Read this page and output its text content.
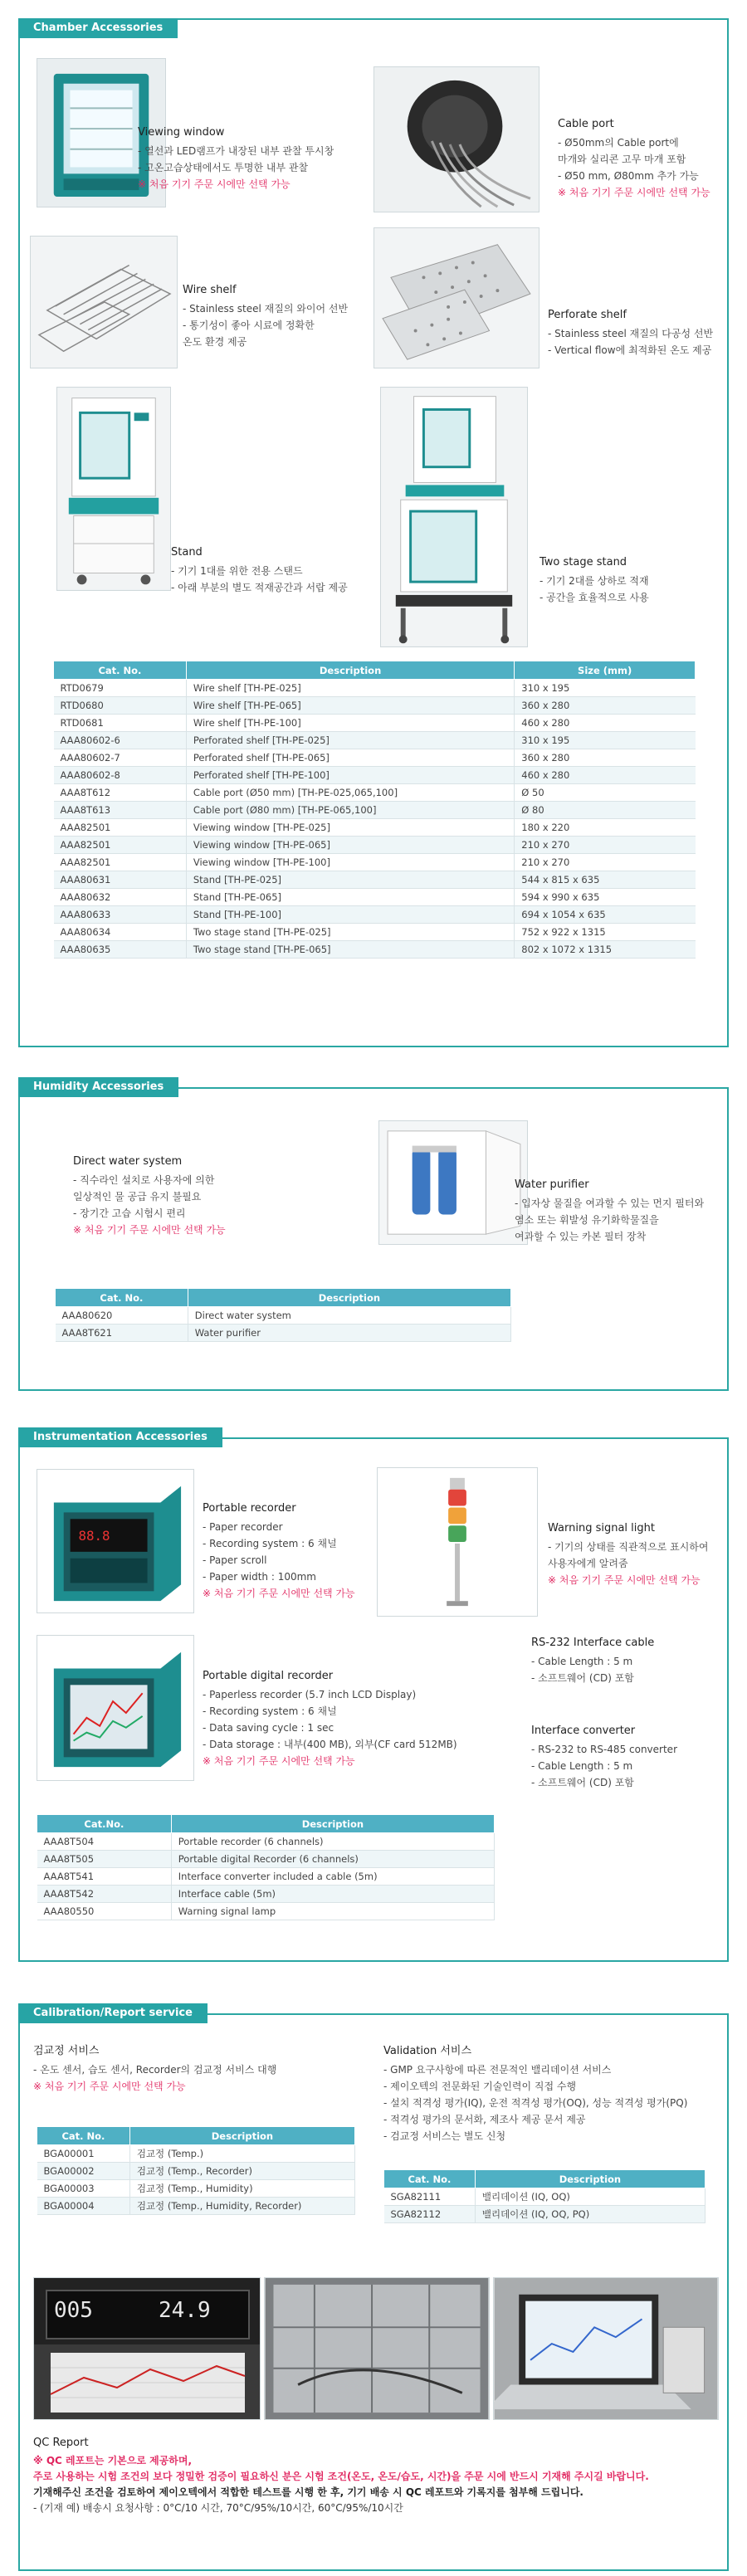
Chamber Accessories
Viewing window
- 열선과 LED램프가 내장된 내부 관찰 투시창
- 고온고습상태에서도 투명한 내부 관찰
※ 처음 기기 주문 시에만 선택 가능
Cable port
- Ø50mm의 Cable port에
마개와 실리콘 고무 마개 포함
- Ø50 mm, Ø80mm 추가 가능
※ 처음 기기 주문 시에만 선택 가능
Wire shelf
- Stainless steel 재질의 와이어 선반
- 통기성이 좋아 시료에 정확한
온도 환경 제공
Perforate shelf
- Stainless steel 재질의 다공성 선반
- Vertical flow에 최적화된 온도 제공
Stand
- 기기 1대를 위한 전용 스탠드
- 아래 부분의 별도 적재공간과 서랍 제공
Two stage stand
- 기기 2대를 상하로 적재
- 공간을 효율적으로 사용
Cat. No.	Description	Size (mm)
RTD0679	Wire shelf [TH-PE-025]	310 x 195
RTD0680	Wire shelf [TH-PE-065]	360 x 280
RTD0681	Wire shelf [TH-PE-100]	460 x 280
AAA80602-6	Perforated shelf [TH-PE-025]	310 x 195
AAA80602-7	Perforated shelf [TH-PE-065]	360 x 280
AAA80602-8	Perforated shelf [TH-PE-100]	460 x 280
AAA8T612	Cable port (Ø50 mm) [TH-PE-025,065,100]	Ø 50
AAA8T613	Cable port (Ø80 mm) [TH-PE-065,100]	Ø 80
AAA82501	Viewing window [TH-PE-025]	180 x 220
AAA82501	Viewing window [TH-PE-065]	210 x 270
AAA82501	Viewing window [TH-PE-100]	210 x 270
AAA80631	Stand [TH-PE-025]	544 x 815 x 635
AAA80632	Stand [TH-PE-065]	594 x 990 x 635
AAA80633	Stand [TH-PE-100]	694 x 1054 x 635
AAA80634	Two stage stand [TH-PE-025]	752 x 922 x 1315
AAA80635	Two stage stand [TH-PE-065]	802 x 1072 x 1315
Humidity Accessories
Direct water system
- 직수라인 설치로 사용자에 의한
일상적인 물 공급 유지 불필요
- 장기간 고습 시험시 편리
※ 처음 기기 주문 시에만 선택 가능
Water purifier
- 입자상 물질을 여과할 수 있는 먼지 필터와
염소 또는 휘발성 유기화학물질을
여과할 수 있는 카본 필터 장착
Cat. No.	Description
AAA80620	Direct water system
AAA8T621	Water purifier
Instrumentation Accessories
88.8
Portable recorder
- Paper recorder
- Recording system : 6 채널
- Paper scroll
- Paper width : 100mm
※ 처음 기기 주문 시에만 선택 가능
Warning signal light
- 기기의 상태를 직관적으로 표시하여
사용자에게 알려줌
※ 처음 기기 주문 시에만 선택 가능
Portable digital recorder
- Paperless recorder (5.7 inch LCD Display)
- Recording system : 6 채널
- Data saving cycle : 1 sec
- Data storage : 내부(400 MB), 외부(CF card 512MB)
※ 처음 기기 주문 시에만 선택 가능
RS-232 Interface cable
- Cable Length : 5 m
- 소프트웨어 (CD) 포함
Interface converter
- RS-232 to RS-485 converter
- Cable Length : 5 m
- 소프트웨어 (CD) 포함
Cat.No.	Description
AAA8T504	Portable recorder (6 channels)
AAA8T505	Portable digital Recorder (6 channels)
AAA8T541	Interface converter included a cable (5m)
AAA8T542	Interface cable (5m)
AAA80550	Warning signal lamp
Calibration/Report service
검교정 서비스
- 온도 센서, 습도 센서, Recorder의 검교정 서비스 대행
※ 처음 기기 주문 시에만 선택 가능
Validation 서비스
- GMP 요구사항에 따른 전문적인 밸리데이션 서비스
- 제이오텍의 전문화된 기술인력이 직접 수행
- 설치 적격성 평가(IQ), 운전 적격성 평가(OQ), 성능 적격성 평가(PQ)
- 적격성 평가의 문서화, 제조사 제공 문서 제공
- 검교정 서비스는 별도 신청
Cat. No.	Description
BGA00001	검교정 (Temp.)
BGA00002	검교정 (Temp., Recorder)
BGA00003	검교정 (Temp., Humidity)
BGA00004	검교정 (Temp., Humidity, Recorder)
Cat. No.	Description
SGA82111	밸리데이션 (IQ, OQ)
SGA82112	밸리데이션 (IQ, OQ, PQ)
005	24.9
QC Report
※ QC 레포트는 기본으로 제공하며,
주로 사용하는 시험 조건의 보다 정밀한 검증이 필요하신 분은 시험 조건(온도, 온도/습도, 시간)을 주문 시에 반드시 기재해 주시길 바랍니다.
기재해주신 조건을 검토하여 제이오텍에서 적합한 테스트를 시행 한 후, 기기 배송 시 QC 레포트와 기록지를 첨부해 드립니다.
- (기재 예) 배송시 요청사항 : 0°C/10 시간, 70°C/95%/10시간, 60°C/95%/10시간
